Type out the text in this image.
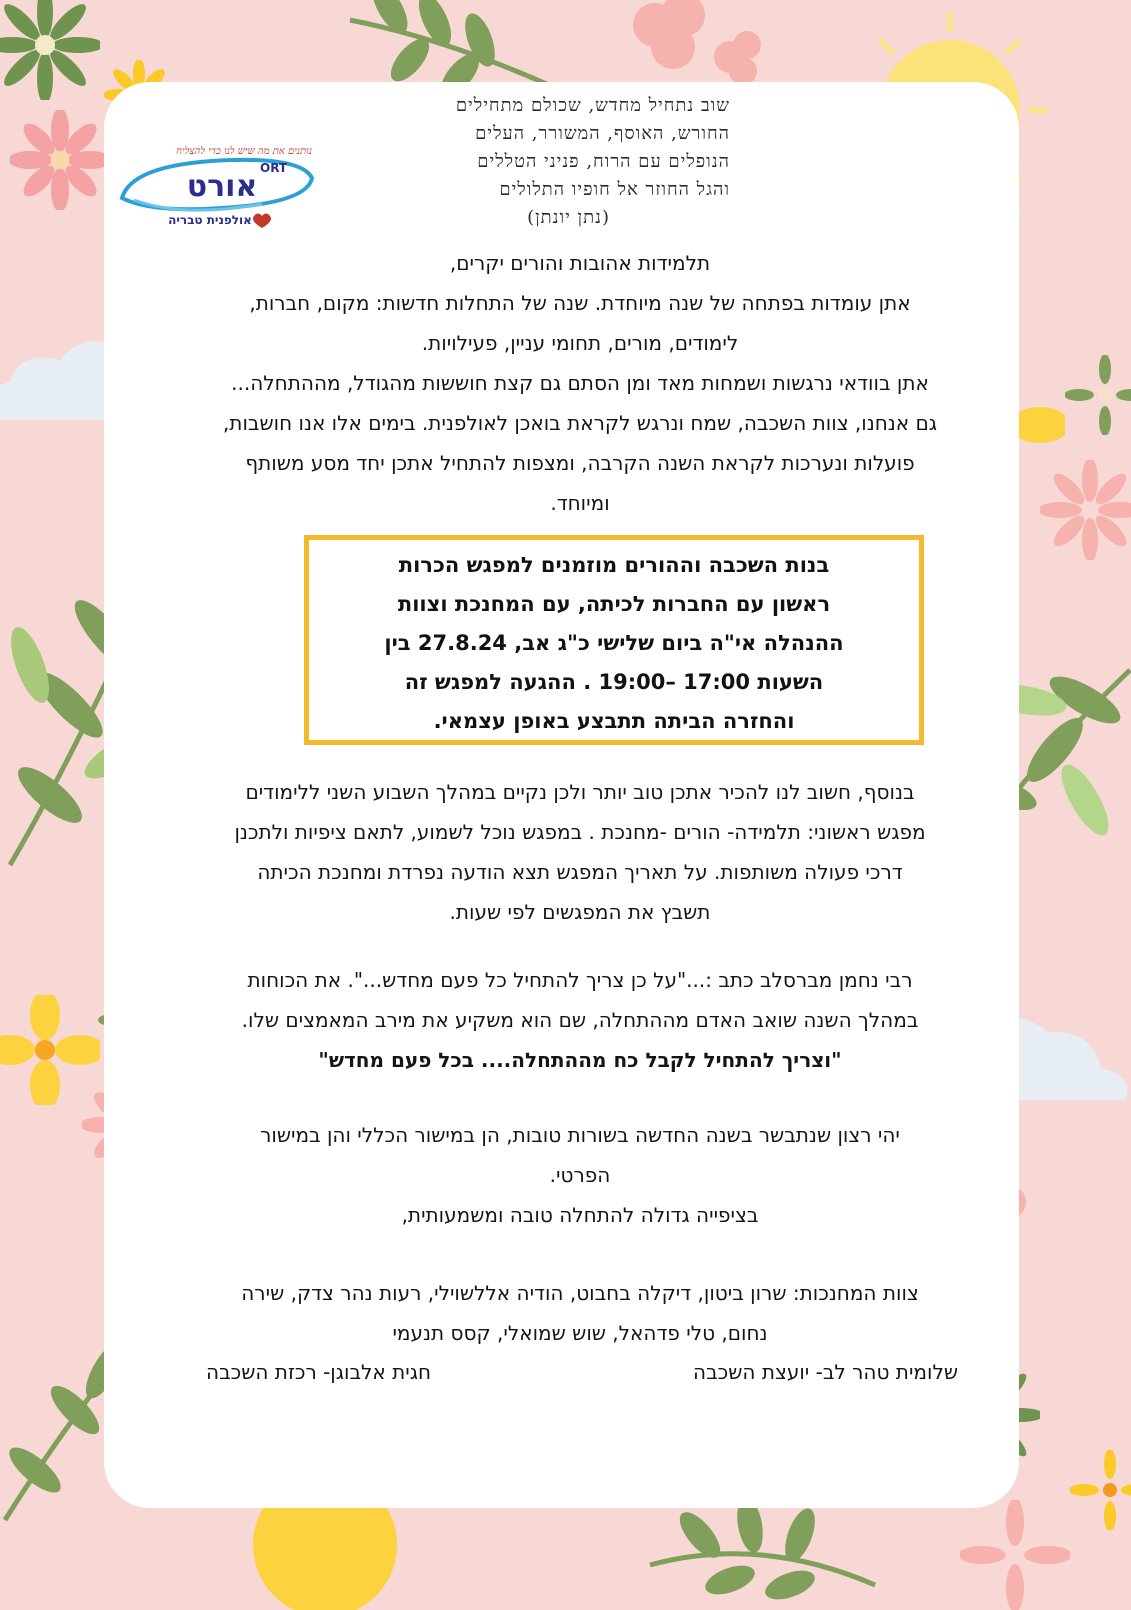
שוב נתחיל מחדש, שכולם מתחילים
החורש, האוסף, המשורר, העלים
הנופלים עם הרוח, פניני הטללים
והגל החוזר אל חופיו התלולים
(נתן יונתן)
נותנים את מה שיש לנו כדי להצליח
אורט
ORT
אולפנית טבריה
תלמידות אהובות והורים יקרים,
אתן עומדות בפתחה של שנה מיוחדת. שנה של התחלות חדשות: מקום, חברות,
לימודים, מורים, תחומי עניין, פעילויות.
אתן בוודאי נרגשות ושמחות מאד ומן הסתם גם קצת חוששות מהגודל, מההתחלה...
גם אנחנו, צוות השכבה, שמח ונרגש לקראת בואכן לאולפנית. בימים אלו אנו חושבות,
פועלות ונערכות לקראת השנה הקרבה, ומצפות להתחיל אתכן יחד מסע משותף
ומיוחד.
בנות השכבה וההורים מוזמנים למפגש הכרות
ראשון עם החברות לכיתה, עם המחנכת וצוות
ההנהלה אי"ה ביום שלישי כ"ג אב, 27.8.24 בין
השעות 17:00 –19:00 . ההגעה למפגש זה
והחזרה הביתה תתבצע באופן עצמאי.
בנוסף, חשוב לנו להכיר אתכן טוב יותר ולכן נקיים במהלך השבוע השני ללימודים
מפגש ראשוני: תלמידה- הורים -מחנכת . במפגש נוכל לשמוע, לתאם ציפיות ולתכנן
דרכי פעולה משותפות. על תאריך המפגש תצא הודעה נפרדת ומחנכת הכיתה
תשבץ את המפגשים לפי שעות.
רבי נחמן מברסלב כתב :..."על כן צריך להתחיל כל פעם מחדש...". את הכוחות
במהלך השנה שואב האדם מההתחלה, שם הוא משקיע את מירב המאמצים שלו.
"וצריך להתחיל לקבל כח מההתחלה.... בכל פעם מחדש"
יהי רצון שנתבשר בשנה החדשה בשורות טובות, הן במישור הכללי והן במישור
הפרטי.
בציפייה גדולה להתחלה טובה ומשמעותית,
צוות המחנכות: שרון ביטון, דיקלה בחבוט, הודיה אללשוילי, רעות נהר צדק, שירה
נחום, טלי פדהאל, שוש שמואלי, קסס תנעמי
שלומית טהר לב- יועצת השכבה
חגית אלבוגן- רכזת השכבה
